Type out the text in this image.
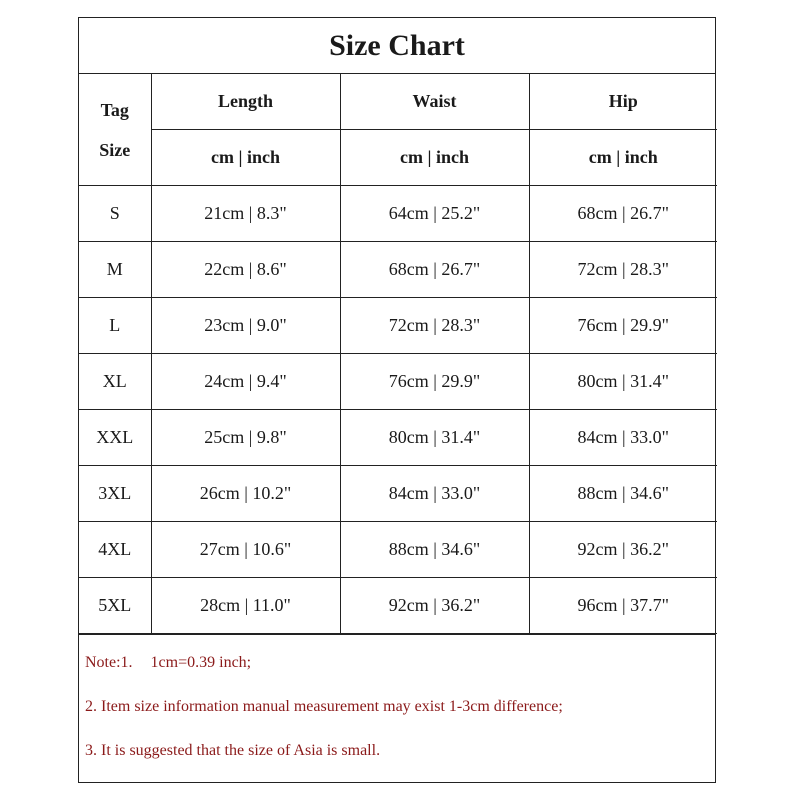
Size Chart
Tag
Size	Length	Waist	Hip
	cm | inch	cm | inch	cm | inch
S	21cm | 8.3"	64cm | 25.2"	68cm | 26.7"
M	22cm | 8.6"	68cm | 26.7"	72cm | 28.3"
L	23cm | 9.0"	72cm | 28.3"	76cm | 29.9"
XL	24cm | 9.4"	76cm | 29.9"	80cm | 31.4"
XXL	25cm | 9.8"	80cm | 31.4"	84cm | 33.0"
3XL	26cm | 10.2"	84cm | 33.0"	88cm | 34.6"
4XL	27cm | 10.6"	88cm | 34.6"	92cm | 36.2"
5XL	28cm | 11.0"	92cm | 36.2"	96cm | 37.7"

Note:1. 1cm=0.39 inch;

2. Item size information manual measurement may exist 1-3cm difference;

3. It is suggested that the size of Asia is small.
